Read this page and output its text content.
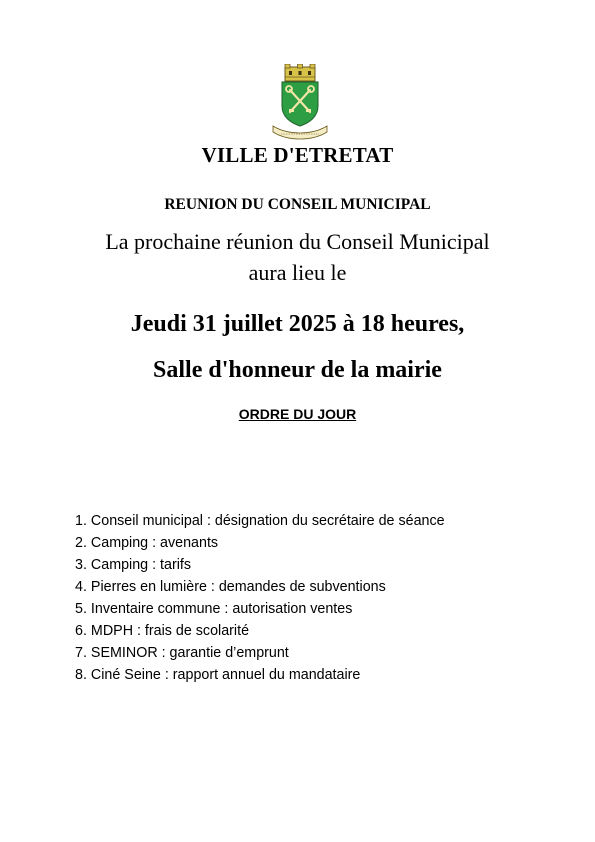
VILLE D'ETRETAT
REUNION DU CONSEIL MUNICIPAL
La prochaine réunion du Conseil Municipal
aura lieu le
Jeudi 31 juillet 2025 à 18 heures,
Salle d'honneur de la mairie
ORDRE DU JOUR
1. Conseil municipal : désignation du secrétaire de séance
2. Camping : avenants
3. Camping : tarifs
4. Pierres en lumière : demandes de subventions
5. Inventaire commune : autorisation ventes
6. MDPH : frais de scolarité
7. SEMINOR : garantie d’emprunt
8. Ciné Seine : rapport annuel du mandataire
